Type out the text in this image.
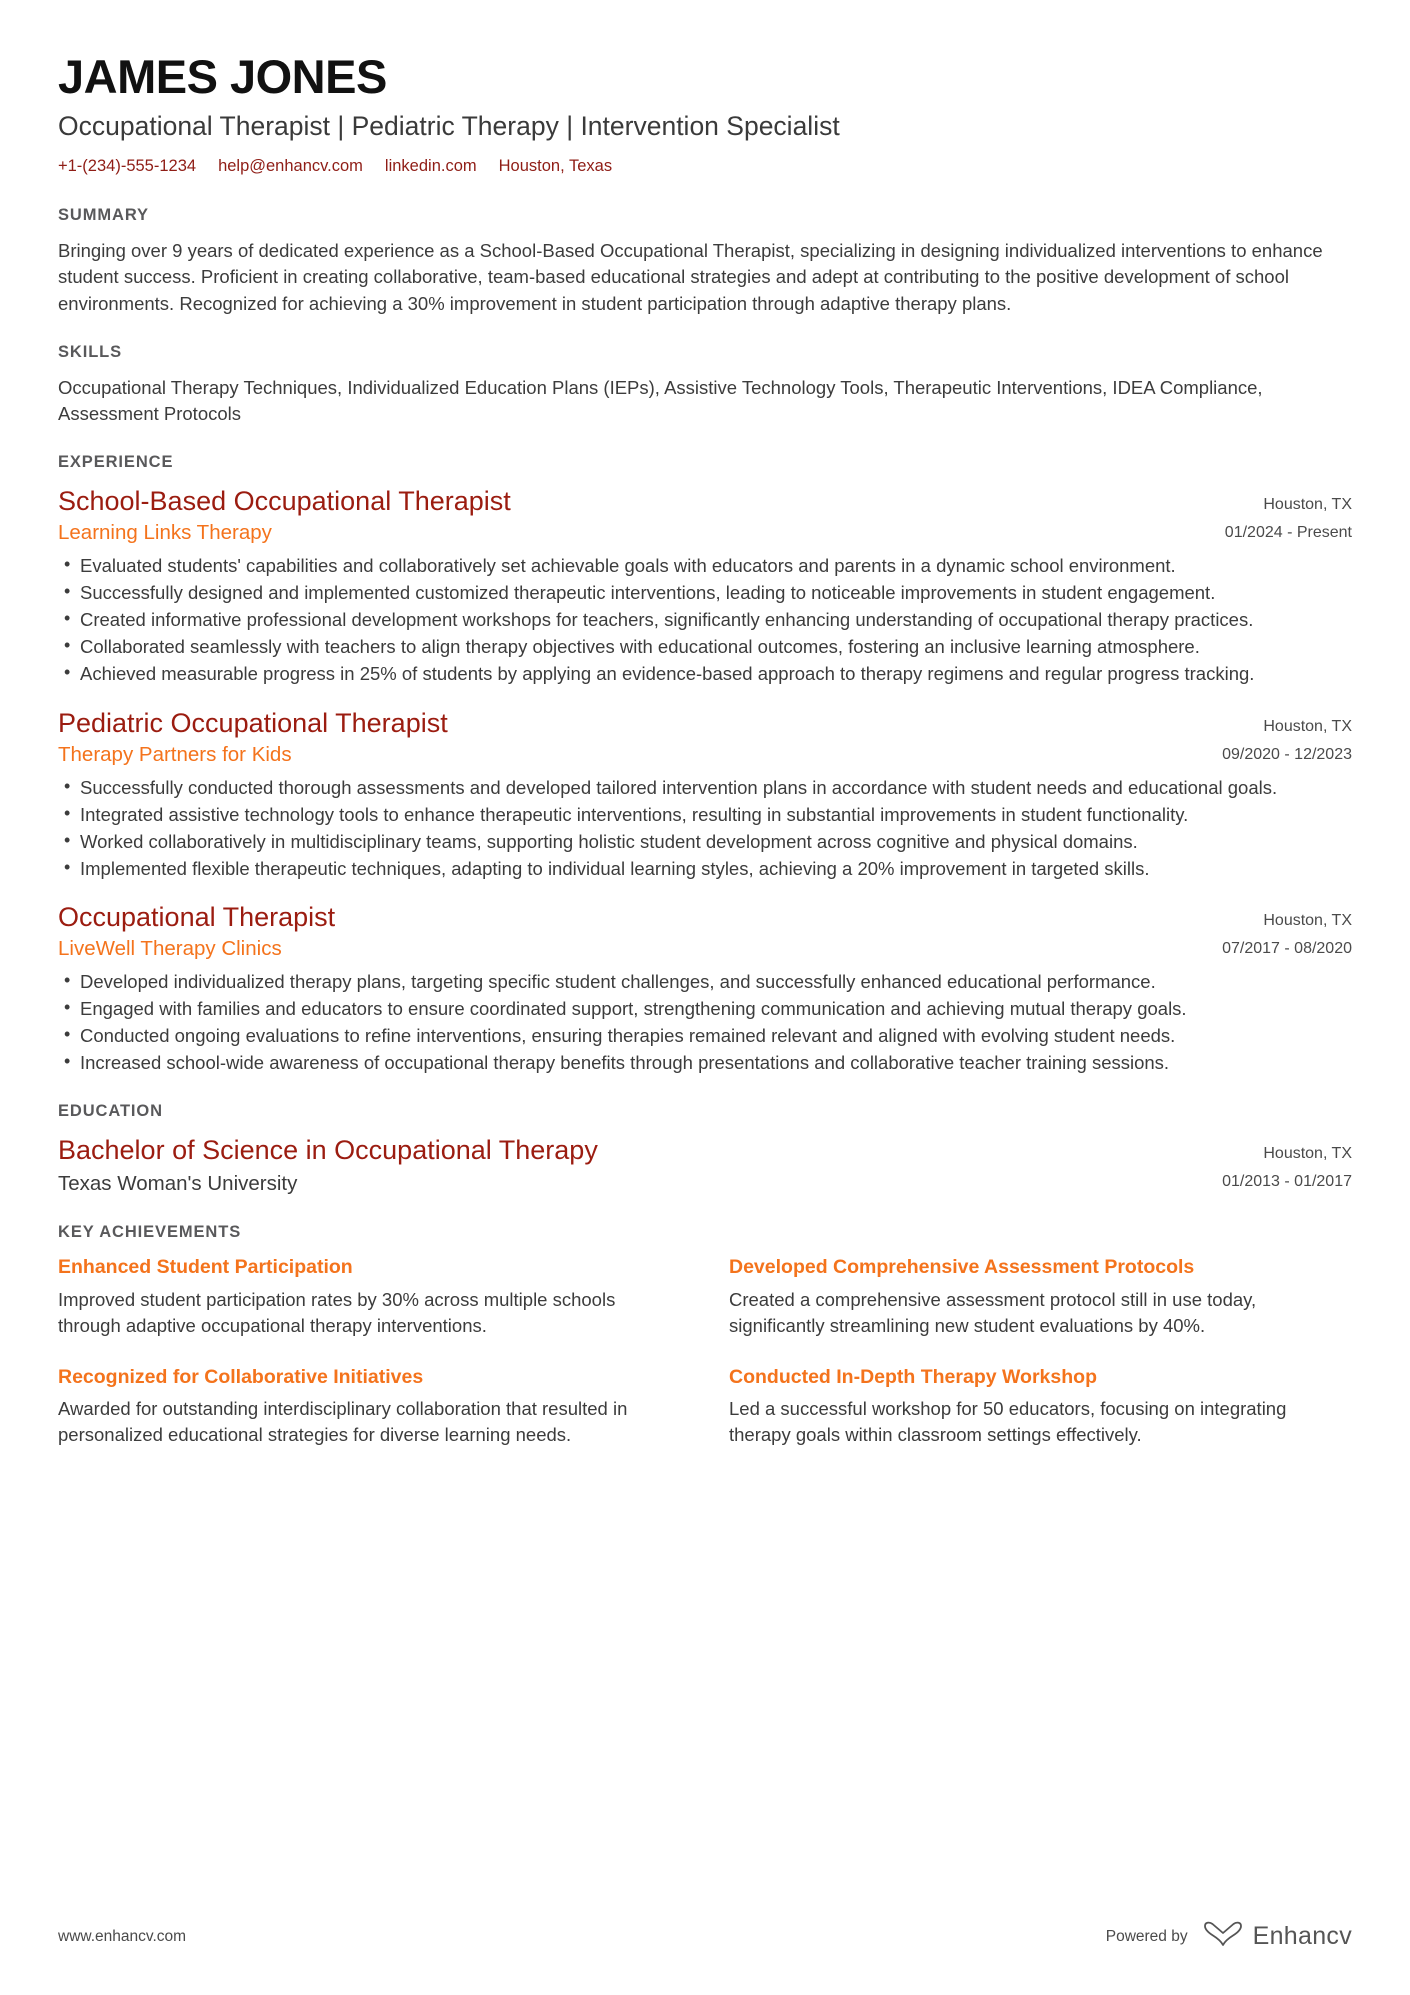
JAMES JONES
Occupational Therapist | Pediatric Therapy | Intervention Specialist
+1-(234)-555-1234 help@enhancv.com linkedin.com Houston, Texas
SUMMARY
Bringing over 9 years of dedicated experience as a School-Based Occupational Therapist, specializing in designing individualized interventions to enhance student success. Proficient in creating collaborative, team-based educational strategies and adept at contributing to the positive development of school environments. Recognized for achieving a 30% improvement in student participation through adaptive therapy plans.
SKILLS
Occupational Therapy Techniques, Individualized Education Plans (IEPs), Assistive Technology Tools, Therapeutic Interventions, IDEA Compliance, Assessment Protocols
EXPERIENCE
School-Based Occupational Therapist
Learning Links Therapy
Houston, TX
01/2024 - Present
• Evaluated students' capabilities and collaboratively set achievable goals with educators and parents in a dynamic school environment.
• Successfully designed and implemented customized therapeutic interventions, leading to noticeable improvements in student engagement.
• Created informative professional development workshops for teachers, significantly enhancing understanding of occupational therapy practices.
• Collaborated seamlessly with teachers to align therapy objectives with educational outcomes, fostering an inclusive learning atmosphere.
• Achieved measurable progress in 25% of students by applying an evidence-based approach to therapy regimens and regular progress tracking.
Pediatric Occupational Therapist
Therapy Partners for Kids
Houston, TX
09/2020 - 12/2023
• Successfully conducted thorough assessments and developed tailored intervention plans in accordance with student needs and educational goals.
• Integrated assistive technology tools to enhance therapeutic interventions, resulting in substantial improvements in student functionality.
• Worked collaboratively in multidisciplinary teams, supporting holistic student development across cognitive and physical domains.
• Implemented flexible therapeutic techniques, adapting to individual learning styles, achieving a 20% improvement in targeted skills.
Occupational Therapist
LiveWell Therapy Clinics
Houston, TX
07/2017 - 08/2020
• Developed individualized therapy plans, targeting specific student challenges, and successfully enhanced educational performance.
• Engaged with families and educators to ensure coordinated support, strengthening communication and achieving mutual therapy goals.
• Conducted ongoing evaluations to refine interventions, ensuring therapies remained relevant and aligned with evolving student needs.
• Increased school-wide awareness of occupational therapy benefits through presentations and collaborative teacher training sessions.
EDUCATION
Bachelor of Science in Occupational Therapy
Texas Woman's University
Houston, TX
01/2013 - 01/2017
KEY ACHIEVEMENTS
Enhanced Student Participation
Improved student participation rates by 30% across multiple schools through adaptive occupational therapy interventions.
Developed Comprehensive Assessment Protocols
Created a comprehensive assessment protocol still in use today, significantly streamlining new student evaluations by 40%.
Recognized for Collaborative Initiatives
Awarded for outstanding interdisciplinary collaboration that resulted in personalized educational strategies for diverse learning needs.
Conducted In-Depth Therapy Workshop
Led a successful workshop for 50 educators, focusing on integrating therapy goals within classroom settings effectively.
www.enhancv.com	Powered by	Enhancv
